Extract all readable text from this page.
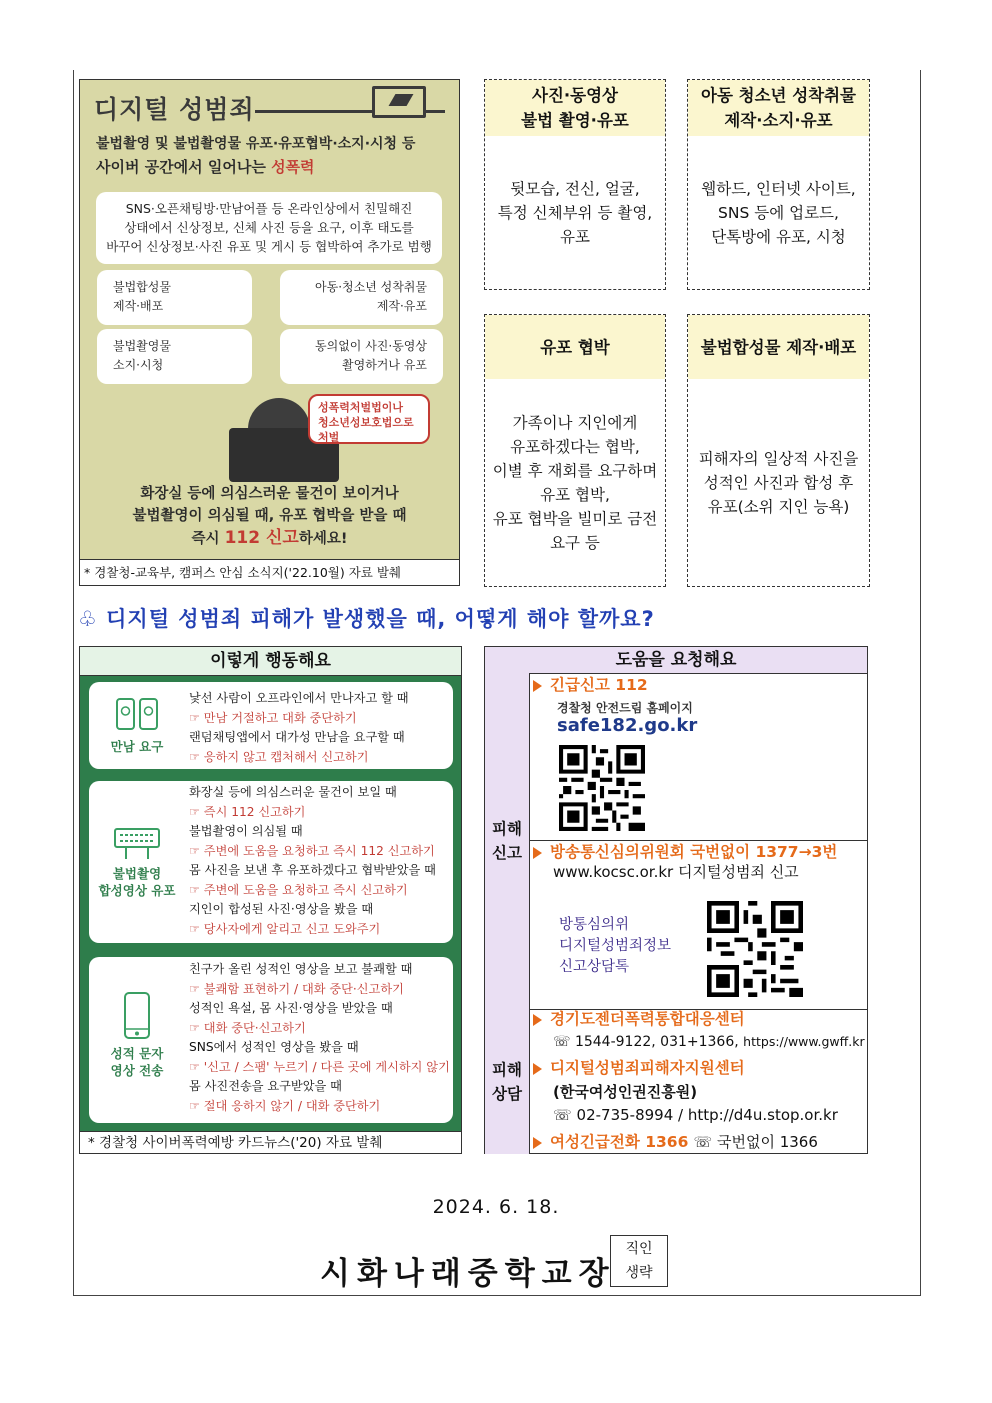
디지털 성범죄
불법촬영 및 불법촬영물 유포·유포협박·소지·시청 등
사이버 공간에서 일어나는 성폭력
SNS·오픈채팅방·만남어플 등 온라인상에서 친밀해진
상태에서 신상정보, 신체 사진 등을 요구, 이후 태도를
바꾸어 신상정보·사진 유포 및 게시 등 협박하여 추가로 범행
불법합성물
제작·배포
아동·청소년 성착취물
제작·유포
불법촬영물
소지·시청
동의없이 사진·동영상
촬영하거나 유포
성폭력처벌법이나
청소년성보호법으로
처벌
화장실 등에 의심스러운 물건이 보이거나
불법촬영이 의심될 때, 유포 협박을 받을 때
즉시 112 신고하세요!
* 경찰청-교육부, 캠퍼스 안심 소식지('22.10월) 자료 발췌
사진·동영상
불법 촬영·유포
뒷모습, 전신, 얼굴,
특정 신체부위 등 촬영,
유포
아동 청소년 성착취물
제작·소지·유포
웹하드, 인터넷 사이트,
SNS 등에 업로드,
단톡방에 유포, 시청
유포 협박
가족이나 지인에게
유포하겠다는 협박,
이별 후 재회를 요구하며
유포 협박,
유포 협박을 빌미로 금전
요구 등
불법합성물 제작·배포
피해자의 일상적 사진을
성적인 사진과 합성 후
유포(소위 지인 능욕)
♧ 디지털 성범죄 피해가 발생했을 때, 어떻게 해야 할까요?
이렇게 행동해요
만남 요구
낯선 사람이 오프라인에서 만나자고 할 때
☞ 만남 거절하고 대화 중단하기
랜덤채팅앱에서 대가성 만남을 요구할 때
☞ 응하지 않고 캡처해서 신고하기
불법촬영
합성영상 유포
화장실 등에 의심스러운 물건이 보일 때
☞ 즉시 112 신고하기
불법촬영이 의심될 때
☞ 주변에 도움을 요청하고 즉시 112 신고하기
몸 사진을 보낸 후 유포하겠다고 협박받았을 때
☞ 주변에 도움을 요청하고 즉시 신고하기
지인이 합성된 사진·영상을 봤을 때
☞ 당사자에게 알리고 신고 도와주기
성적 문자
영상 전송
친구가 올린 성적인 영상을 보고 불쾌할 때
☞ 불쾌함 표현하기 / 대화 중단·신고하기
성적인 욕설, 몸 사진·영상을 받았을 때
☞ 대화 중단·신고하기
SNS에서 성적인 영상을 봤을 때
☞ '신고 / 스팸' 누르기 / 다른 곳에 게시하지 않기
몸 사진전송을 요구받았을 때
☞ 절대 응하지 않기 / 대화 중단하기
* 경찰청 사이버폭력예방 카드뉴스('20) 자료 발췌
도움을 요청해요
피해
신고
긴급신고 112
경찰청 안전드림 홈페이지
safe182.go.kr
방송통신심의위원회 국번없이 1377→3번
www.kocsc.or.kr 디지털성범죄 신고
방통심의위
디지털성범죄정보
신고상담톡
피해
상담
경기도젠더폭력통합대응센터
☏ 1544-9122, 031+1366, https://www.gwff.kr
디지털성범죄피해자지원센터
(한국여성인권진흥원)
☏ 02-735-8994 / http://d4u.stop.or.kr
여성긴급전화 1366 ☏ 국번없이 1366
2024. 6. 18.
시화나래중학교장
직인
생략
